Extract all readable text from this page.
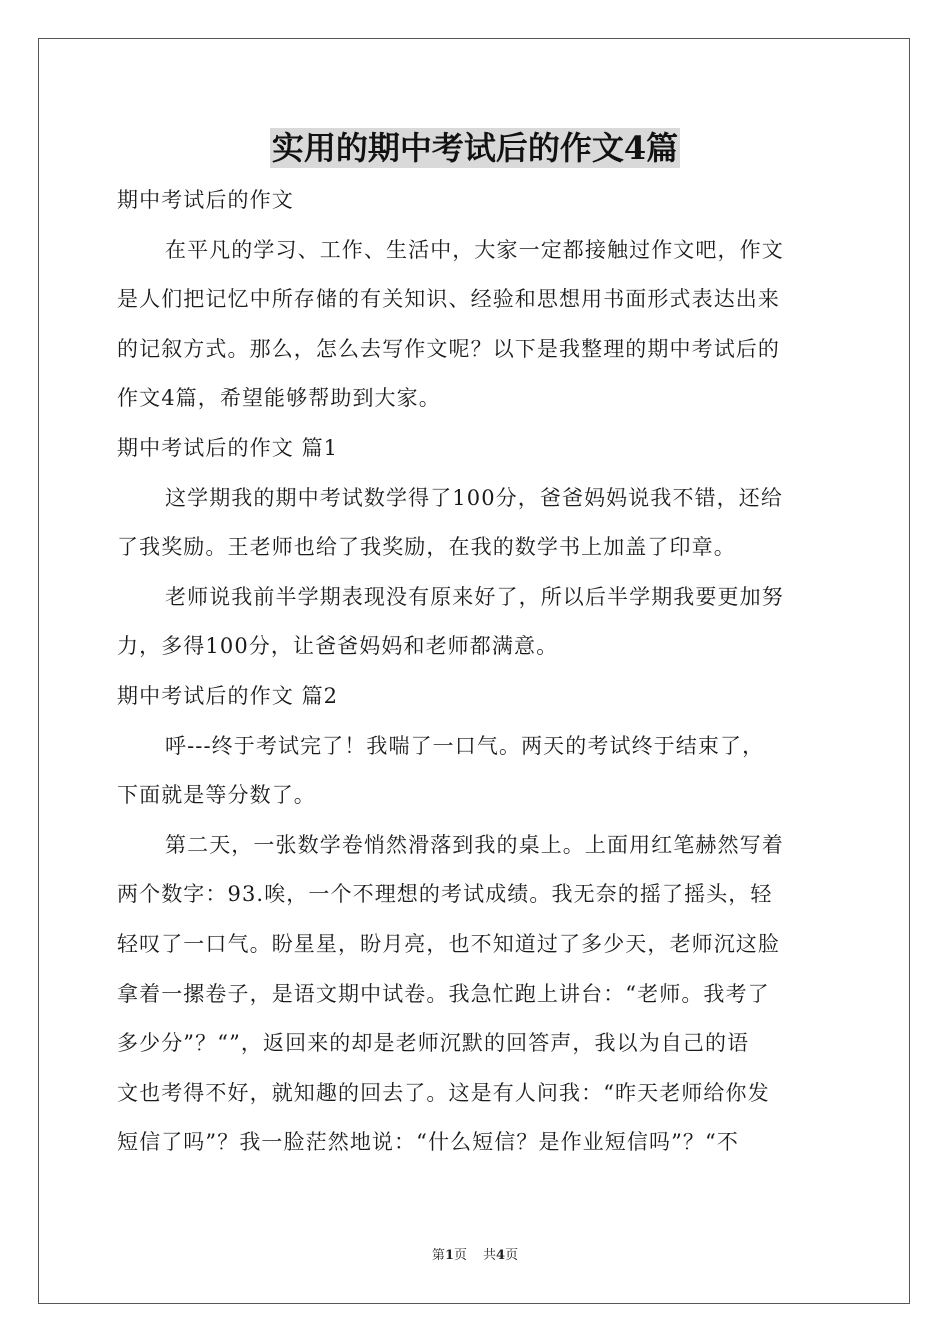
实用的期中考试后的作文4篇
期中考试后的作文
在平凡的学习、工作、生活中，大家一定都接触过作文吧，作文
是人们把记忆中所存储的有关知识、经验和思想用书面形式表达出来
的记叙方式。那么，怎么去写作文呢？以下是我整理的期中考试后的
作文4篇，希望能够帮助到大家。
期中考试后的作文 篇1
这学期我的期中考试数学得了100分，爸爸妈妈说我不错，还给
了我奖励。王老师也给了我奖励，在我的数学书上加盖了印章。
老师说我前半学期表现没有原来好了，所以后半学期我要更加努
力，多得100分，让爸爸妈妈和老师都满意。
期中考试后的作文 篇2
呼---终于考试完了！我喘了一口气。两天的考试终于结束了，
下面就是等分数了。
第二天，一张数学卷悄然滑落到我的桌上。上面用红笔赫然写着
两个数字：93.唉，一个不理想的考试成绩。我无奈的摇了摇头，轻
轻叹了一口气。盼星星，盼月亮，也不知道过了多少天，老师沉这脸
拿着一摞卷子，是语文期中试卷。我急忙跑上讲台：“老师。我考了
多少分”？“”，返回来的却是老师沉默的回答声，我以为自己的语
文也考得不好，就知趣的回去了。这是有人问我：“昨天老师给你发
短信了吗”？我一脸茫然地说：“什么短信？是作业短信吗”？“不
第1页 共4页
